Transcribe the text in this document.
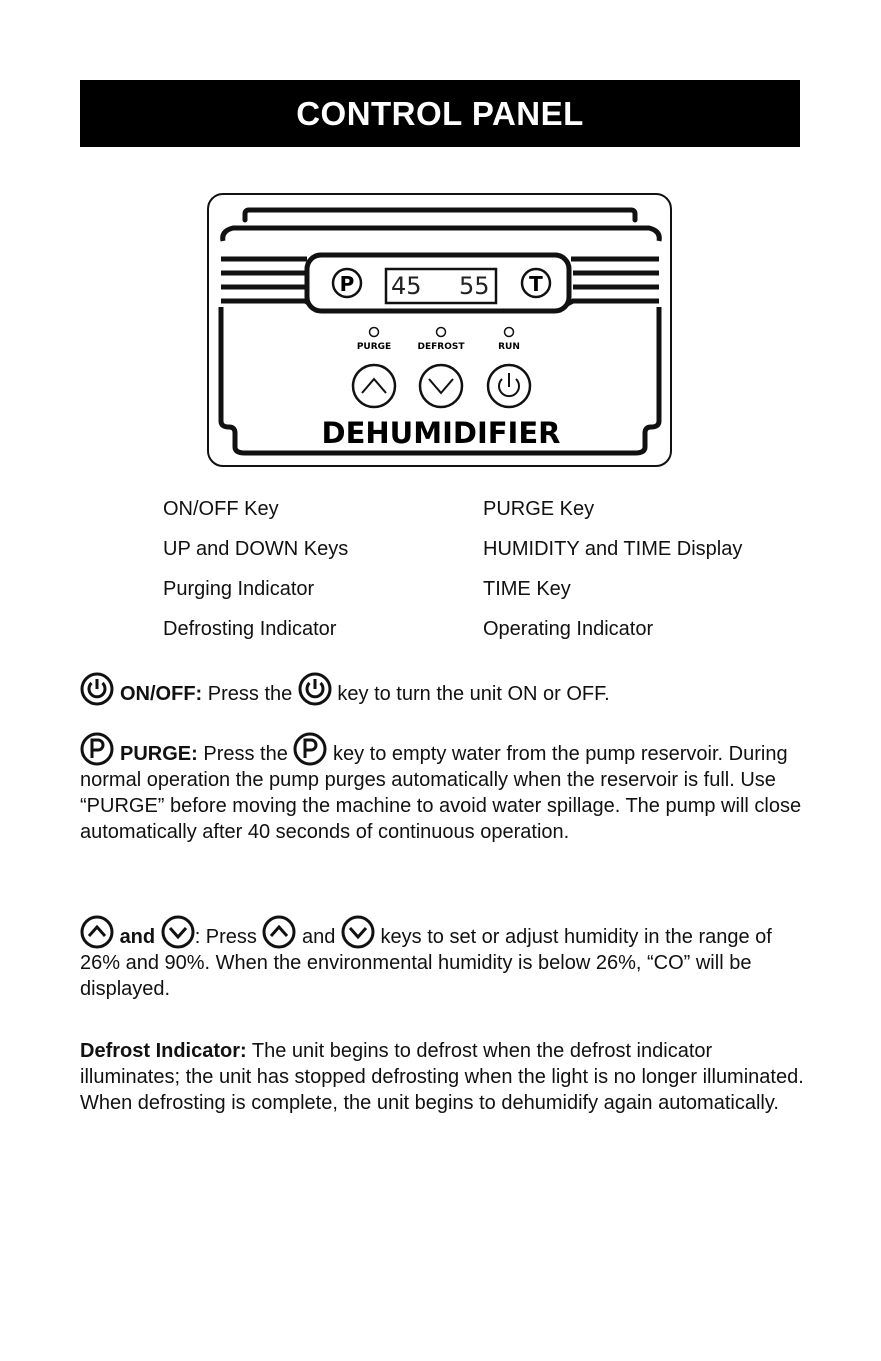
CONTROL PANEL
P 45 55 T
PURGE	DEFROST	RUN
DEHUMIDIFIER
ON/OFF Key	PURGE Key
UP and DOWN Keys	HUMIDITY and TIME Display
Purging Indicator	TIME Key
Defrosting Indicator	Operating Indicator
ON/OFF: Press the  key to turn the unit ON or OFF.
PURGE: Press the  key to empty water from the pump reservoir. During normal operation the pump purges automatically when the reservoir is full. Use “PURGE” before moving the machine to avoid water spillage. The pump will close automatically after 40 seconds of continuous operation.
and : Press  and  keys to set or adjust humidity in the range of 26% and 90%. When the environmental humidity is below 26%, “CO” will be displayed.
Defrost Indicator: The unit begins to defrost when the defrost indicator illuminates; the unit has stopped defrosting when the light is no longer illuminated. When defrosting is complete, the unit begins to dehumidify again automatically.
